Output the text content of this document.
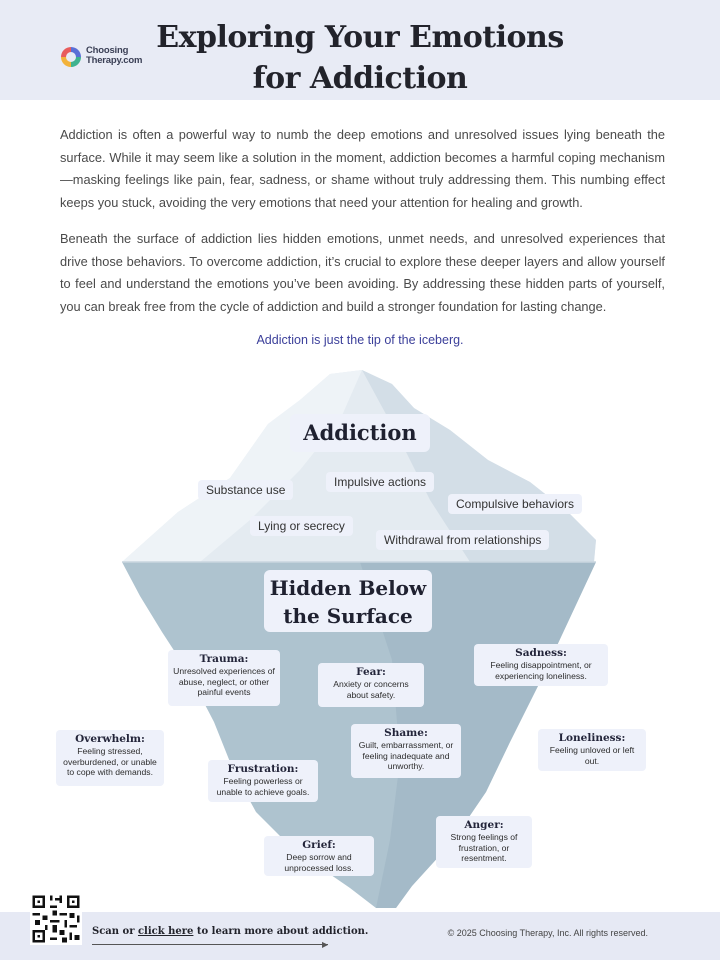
Choosing
Therapy.com
Exploring Your Emotions
for Addiction
Addiction is often a powerful way to numb the deep emotions and unresolved issues lying beneath the surface. While it may seem like a solution in the moment, addiction becomes a harmful coping mechanism—masking feelings like pain, fear, sadness, or shame without truly addressing them. This numbing effect keeps you stuck, avoiding the very emotions that need your attention for healing and growth.
Beneath the surface of addiction lies hidden emotions, unmet needs, and unresolved experiences that drive those behaviors. To overcome addiction, it’s crucial to explore these deeper layers and allow yourself to feel and understand the emotions you’ve been avoiding. By addressing these hidden parts of yourself, you can break free from the cycle of addiction and build a stronger foundation for lasting change.
Addiction is just the tip of the iceberg.
Addiction
Substance use
Impulsive actions
Compulsive behaviors
Lying or secrecy
Withdrawal from relationships
Hidden Below
the Surface
Trauma:
Unresolved experiences of abuse, neglect, or other painful events
Fear:
Anxiety or concerns about safety.
Sadness:
Feeling disappointment, or experiencing loneliness.
Overwhelm:
Feeling stressed, overburdened, or unable to cope with demands.
Shame:
Guilt, embarrassment, or feeling inadequate and unworthy.
Loneliness:
Feeling unloved or left out.
Frustration:
Feeling powerless or unable to achieve goals.
Anger:
Strong feelings of frustration, or resentment.
Grief:
Deep sorrow and unprocessed loss.
Scan or click here to learn more about addiction.
▶
© 2025 Choosing Therapy, Inc. All rights reserved.
